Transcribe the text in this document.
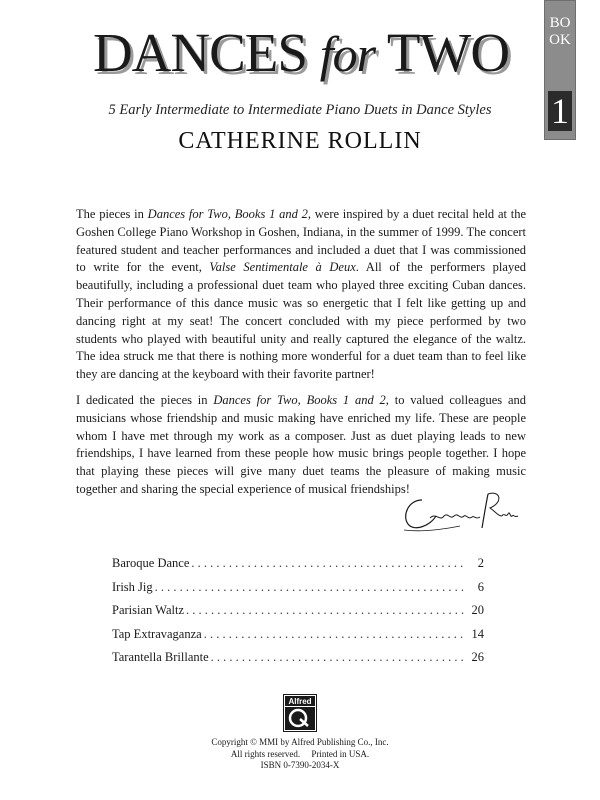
DANCES for TWO
5 Early Intermediate to Intermediate Piano Duets in Dance Styles
CATHERINE ROLLIN
BOOK
1

The pieces in Dances for Two, Books 1 and 2, were inspired by a duet recital held at the Goshen College Piano Workshop in Goshen, Indiana, in the summer of 1999. The concert featured student and teacher performances and included a duet that I was commissioned to write for the event, Valse Sentimentale à Deux. All of the performers played beautifully, including a professional duet team who played three exciting Cuban dances. Their performance of this dance music was so energetic that I felt like getting up and dancing right at my seat! The concert concluded with my piece performed by two students who played with beautiful unity and really captured the elegance of the waltz. The idea struck me that there is nothing more wonderful for a duet team than to feel like they are dancing at the keyboard with their favorite partner!

I dedicated the pieces in Dances for Two, Books 1 and 2, to valued colleagues and musicians whose friendship and music making have enriched my life. These are people whom I have met through my work as a composer. Just as duet playing leads to new friendships, I have learned from these people how music brings people together. I hope that playing these pieces will give many duet teams the pleasure of making music together and sharing the special experience of musical friendships!

Baroque Dance . . .	2
Irish Jig . . .	6
Parisian Waltz . . .	20
Tap Extravaganza . . .	14
Tarantella Brillante . . .	26
Alfred
Copyright © MMI by Alfred Publishing Co., Inc.
All rights reserved.     Printed in USA.
ISBN 0-7390-2034-X
